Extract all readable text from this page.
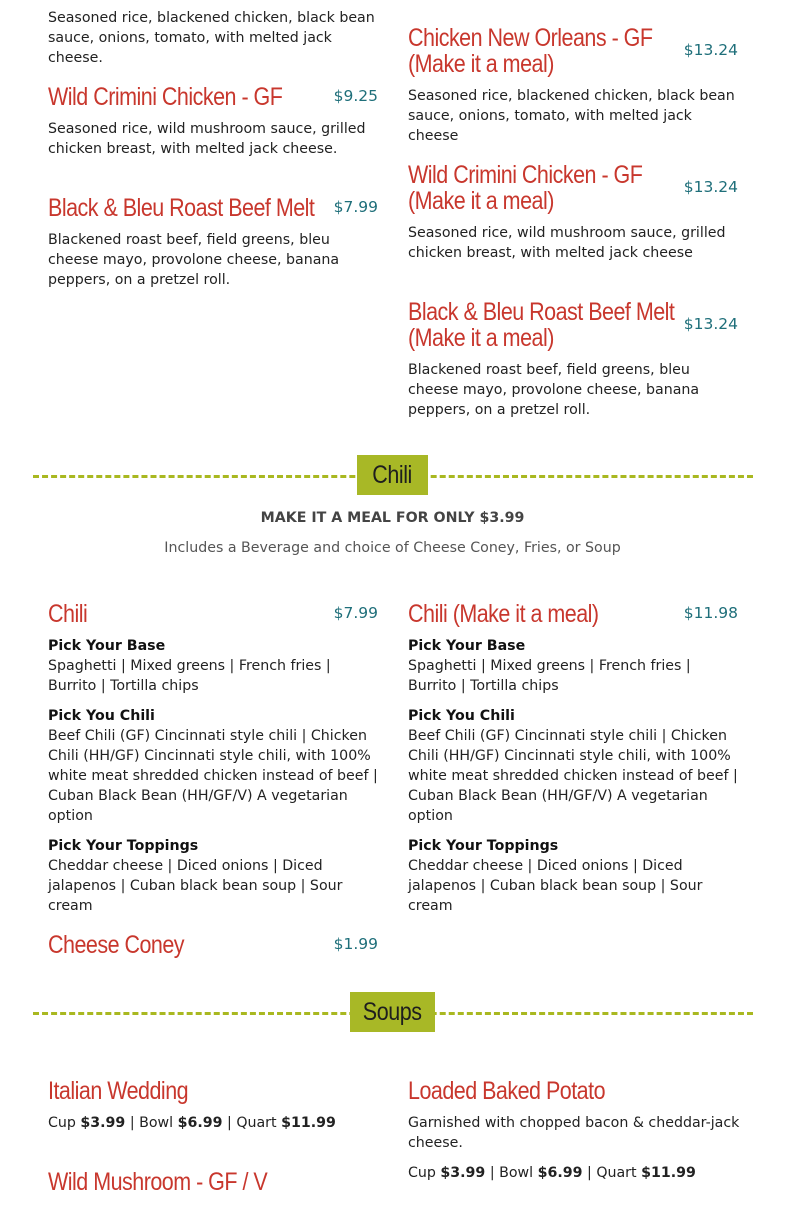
Seasoned rice, blackened chicken, black bean sauce, onions, tomato, with melted jack cheese.
Wild Crimini Chicken - GF	$9.25
Seasoned rice, wild mushroom sauce, grilled chicken breast, with melted jack cheese.
Black & Bleu Roast Beef Melt	$7.99
Blackened roast beef, field greens, bleu cheese mayo, provolone cheese, banana peppers, on a pretzel roll.
Chicken New Orleans - GF (Make it a meal)	$13.24
Seasoned rice, blackened chicken, black bean sauce, onions, tomato, with melted jack cheese
Wild Crimini Chicken - GF (Make it a meal)	$13.24
Seasoned rice, wild mushroom sauce, grilled chicken breast, with melted jack cheese
Black & Bleu Roast Beef Melt (Make it a meal)	$13.24
Blackened roast beef, field greens, bleu cheese mayo, provolone cheese, banana peppers, on a pretzel roll.
Chili
MAKE IT A MEAL FOR ONLY $3.99
Includes a Beverage and choice of Cheese Coney, Fries, or Soup
Chili	$7.99
Pick Your Base
Spaghetti | Mixed greens | French fries | Burrito | Tortilla chips
Pick You Chili
Beef Chili (GF) Cincinnati style chili | Chicken Chili (HH/GF) Cincinnati style chili, with 100% white meat shredded chicken instead of beef | Cuban Black Bean (HH/GF/V) A vegetarian option
Pick Your Toppings
Cheddar cheese | Diced onions | Diced jalapenos | Cuban black bean soup | Sour cream
Chili (Make it a meal)	$11.98
Pick Your Base
Spaghetti | Mixed greens | French fries | Burrito | Tortilla chips
Pick You Chili
Beef Chili (GF) Cincinnati style chili | Chicken Chili (HH/GF) Cincinnati style chili, with 100% white meat shredded chicken instead of beef | Cuban Black Bean (HH/GF/V) A vegetarian option
Pick Your Toppings
Cheddar cheese | Diced onions | Diced jalapenos | Cuban black bean soup | Sour cream
Cheese Coney	$1.99
Soups
Italian Wedding
Cup $3.99 | Bowl $6.99 | Quart $11.99
Loaded Baked Potato
Garnished with chopped bacon & cheddar-jack cheese.
Cup $3.99 | Bowl $6.99 | Quart $11.99
Wild Mushroom - GF / V
